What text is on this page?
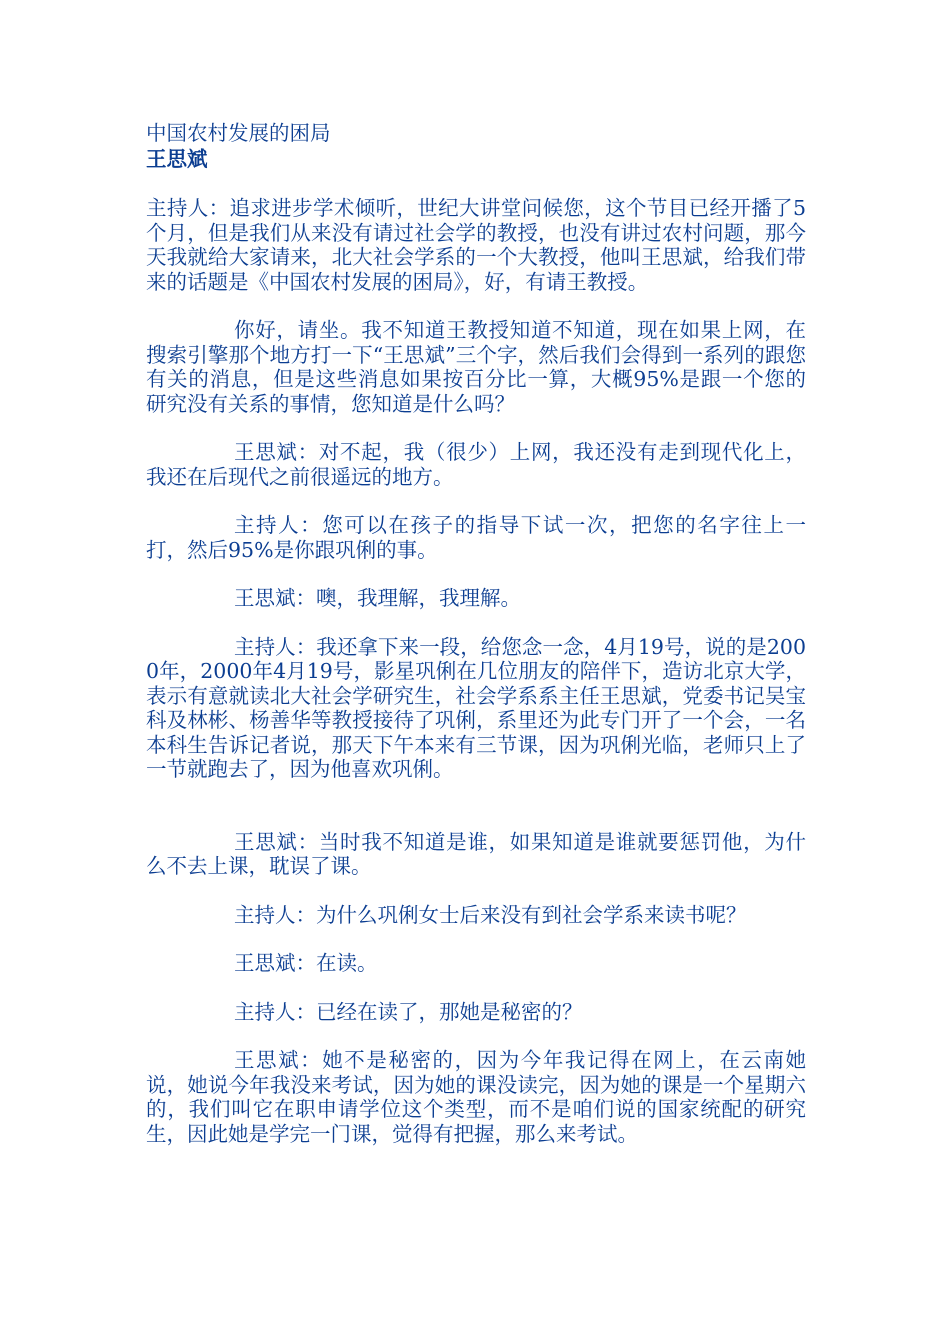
中国农村发展的困局
王思斌

主持人：追求进步学术倾听，世纪大讲堂问候您，这个节目已经开播了5个月，但是我们从来没有请过社会学的教授，也没有讲过农村问题，那今天我就给大家请来，北大社会学系的一个大教授，他叫王思斌，给我们带来的话题是《中国农村发展的困局》，好，有请王教授。

你好，请坐。我不知道王教授知道不知道，现在如果上网，在搜索引擎那个地方打一下“王思斌”三个字，然后我们会得到一系列的跟您有关的消息，但是这些消息如果按百分比一算，大概95%是跟一个您的研究没有关系的事情，您知道是什么吗？

王思斌：对不起，我（很少）上网，我还没有走到现代化上，我还在后现代之前很遥远的地方。

主持人：您可以在孩子的指导下试一次，把您的名字往上一打，然后95%是你跟巩俐的事。

王思斌：噢，我理解，我理解。

主持人：我还拿下来一段，给您念一念，4月19号，说的是2000年，2000年4月19号，影星巩俐在几位朋友的陪伴下，造访北京大学，表示有意就读北大社会学研究生，社会学系系主任王思斌，党委书记吴宝科及林彬、杨善华等教授接待了巩俐，系里还为此专门开了一个会，一名本科生告诉记者说，那天下午本来有三节课，因为巩俐光临，老师只上了一节就跑去了，因为他喜欢巩俐。

王思斌：当时我不知道是谁，如果知道是谁就要惩罚他，为什么不去上课，耽误了课。

主持人：为什么巩俐女士后来没有到社会学系来读书呢？

王思斌：在读。

主持人：已经在读了，那她是秘密的？

王思斌：她不是秘密的，因为今年我记得在网上，在云南她说，她说今年我没来考试，因为她的课没读完，因为她的课是一个星期六的，我们叫它在职申请学位这个类型，而不是咱们说的国家统配的研究生，因此她是学完一门课，觉得有把握，那么来考试。
